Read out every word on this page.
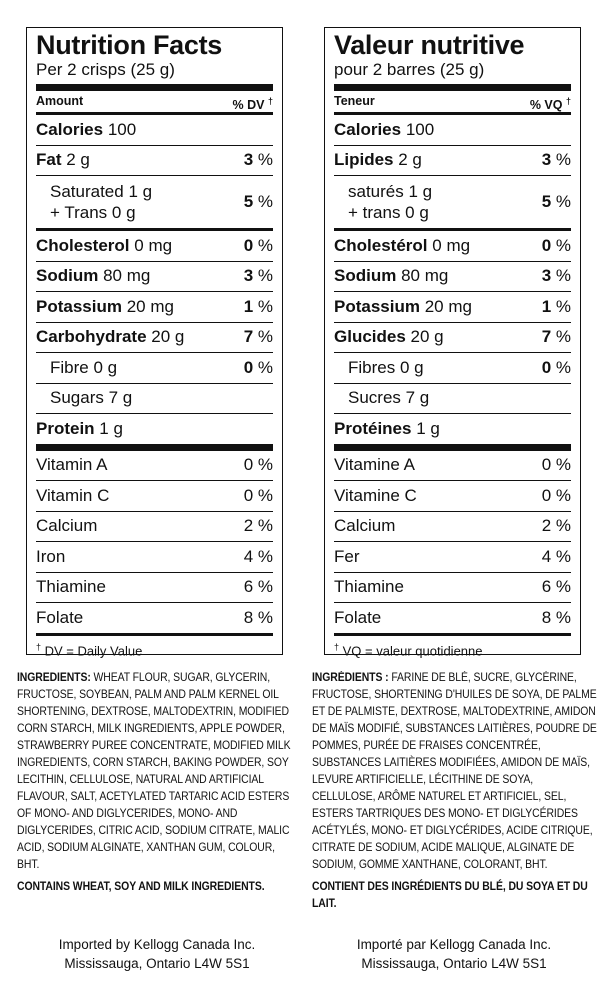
Nutrition Facts
Per 2 crisps (25 g)
Amount	% DV †
Calories 100
Fat 2 g	3 %
Saturated 1 g
+ Trans 0 g
5 %
Cholesterol 0 mg	0 %
Sodium 80 mg	3 %
Potassium 20 mg	1 %
Carbohydrate 20 g	7 %
Fibre 0 g	0 %
Sugars 7 g
Protein 1 g
Vitamin A	0 %
Vitamin C	0 %
Calcium	2 %
Iron	4 %
Thiamine	6 %
Folate	8 %
† DV = Daily Value
Valeur nutritive
pour 2 barres (25 g)
Teneur	% VQ †
Calories 100
Lipides 2 g	3 %
saturés 1 g
+ trans 0 g
5 %
Cholestérol 0 mg	0 %
Sodium 80 mg	3 %
Potassium 20 mg	1 %
Glucides 20 g	7 %
Fibres 0 g	0 %
Sucres 7 g
Protéines 1 g
Vitamine A	0 %
Vitamine C	0 %
Calcium	2 %
Fer	4 %
Thiamine	6 %
Folate	8 %
† VQ = valeur quotidienne
INGREDIENTS: WHEAT FLOUR, SUGAR, GLYCERIN, FRUCTOSE, SOYBEAN, PALM AND PALM KERNEL OIL SHORTENING, DEXTROSE, MALTODEXTRIN, MODIFIED CORN STARCH, MILK INGREDIENTS, APPLE POWDER, STRAWBERRY PUREE CONCENTRATE, MODIFIED MILK INGREDIENTS, CORN STARCH, BAKING POWDER, SOY LECITHIN, CELLULOSE, NATURAL AND ARTIFICIAL FLAVOUR, SALT, ACETYLATED TARTARIC ACID ESTERS OF MONO- AND DIGLYCERIDES, MONO- AND DIGLYCERIDES, CITRIC ACID, SODIUM CITRATE, MALIC ACID, SODIUM ALGINATE, XANTHAN GUM, COLOUR, BHT.
CONTAINS WHEAT, SOY AND MILK INGREDIENTS.
INGRÉDIENTS : FARINE DE BLÉ, SUCRE, GLYCÉRINE, FRUCTOSE, SHORTENING D'HUILES DE SOYA, DE PALME ET DE PALMISTE, DEXTROSE, MALTODEXTRINE, AMIDON DE MAÏS MODIFIÉ, SUBSTANCES LAITIÈRES, POUDRE DE POMMES, PURÉE DE FRAISES CONCENTRÉE, SUBSTANCES LAITIÈRES MODIFIÉES, AMIDON DE MAÏS, LEVURE ARTIFICIELLE, LÉCITHINE DE SOYA, CELLULOSE, ARÔME NATUREL ET ARTIFICIEL, SEL, ESTERS TARTRIQUES DES MONO- ET DIGLYCÉRIDES ACÉTYLÉS, MONO- ET DIGLYCÉRIDES, ACIDE CITRIQUE, CITRATE DE SODIUM, ACIDE MALIQUE, ALGINATE DE SODIUM, GOMME XANTHANE, COLORANT, BHT.
CONTIENT DES INGRÉDIENTS DU BLÉ, DU SOYA ET DU LAIT.
Imported by Kellogg Canada Inc.
Mississauga, Ontario L4W 5S1
Importé par Kellogg Canada Inc.
Mississauga, Ontario L4W 5S1
